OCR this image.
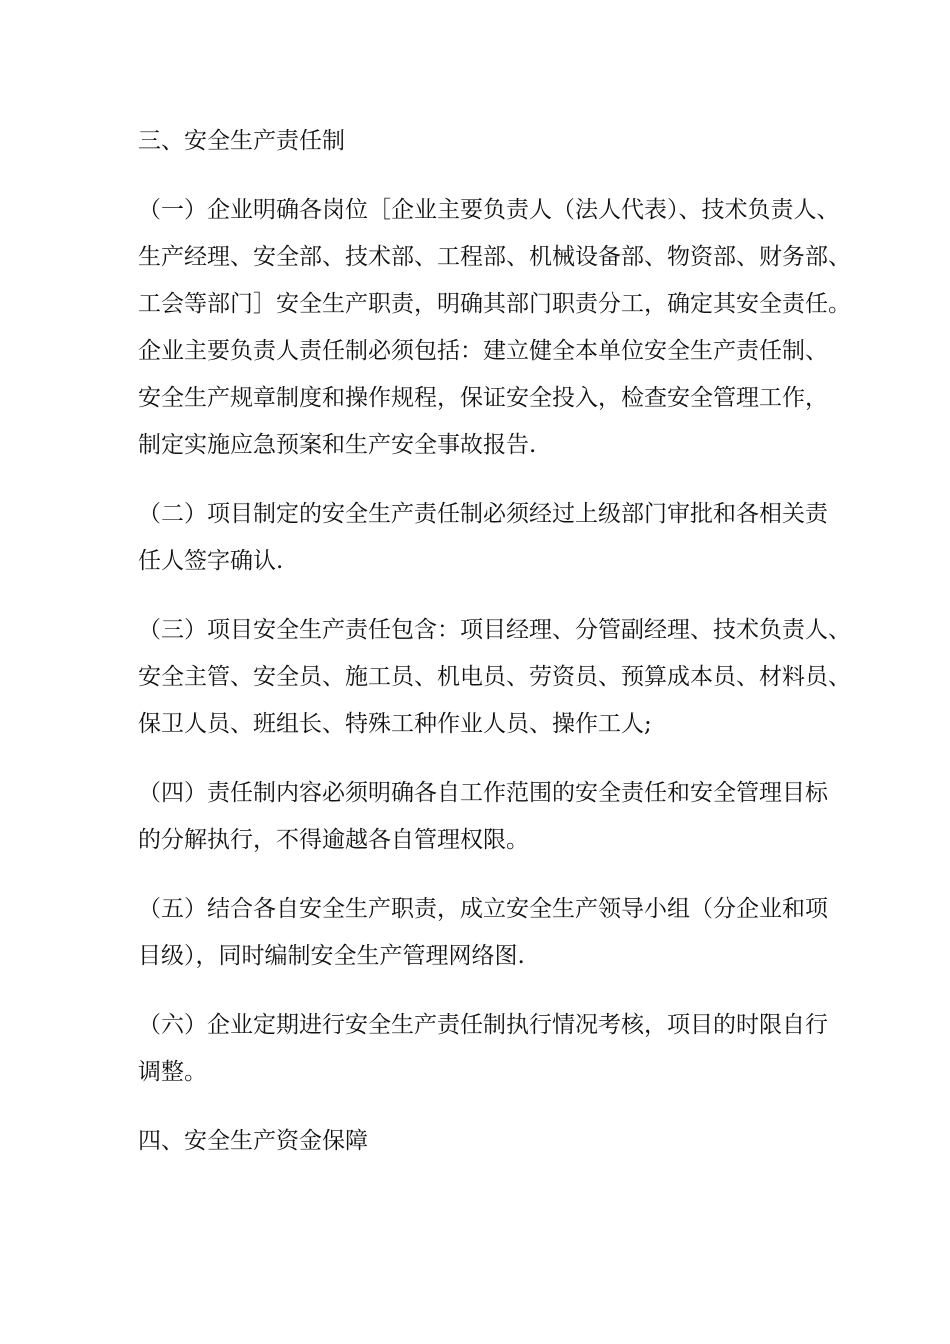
三、安全生产责任制
（一）企业明确各岗位［企业主要负责人（法人代表）、技术负责人、
生产经理、安全部、技术部、工程部、机械设备部、物资部、财务部、
工会等部门］安全生产职责，明确其部门职责分工，确定其安全责任。
企业主要负责人责任制必须包括：建立健全本单位安全生产责任制、
安全生产规章制度和操作规程，保证安全投入，检查安全管理工作，
制定实施应急预案和生产安全事故报告.
（二）项目制定的安全生产责任制必须经过上级部门审批和各相关责
任人签字确认.
（三）项目安全生产责任包含：项目经理、分管副经理、技术负责人、
安全主管、安全员、施工员、机电员、劳资员、预算成本员、材料员、
保卫人员、班组长、特殊工种作业人员、操作工人;
（四）责任制内容必须明确各自工作范围的安全责任和安全管理目标
的分解执行，不得逾越各自管理权限。
（五）结合各自安全生产职责，成立安全生产领导小组（分企业和项
目级），同时编制安全生产管理网络图.
（六）企业定期进行安全生产责任制执行情况考核，项目的时限自行
调整。
四、安全生产资金保障
